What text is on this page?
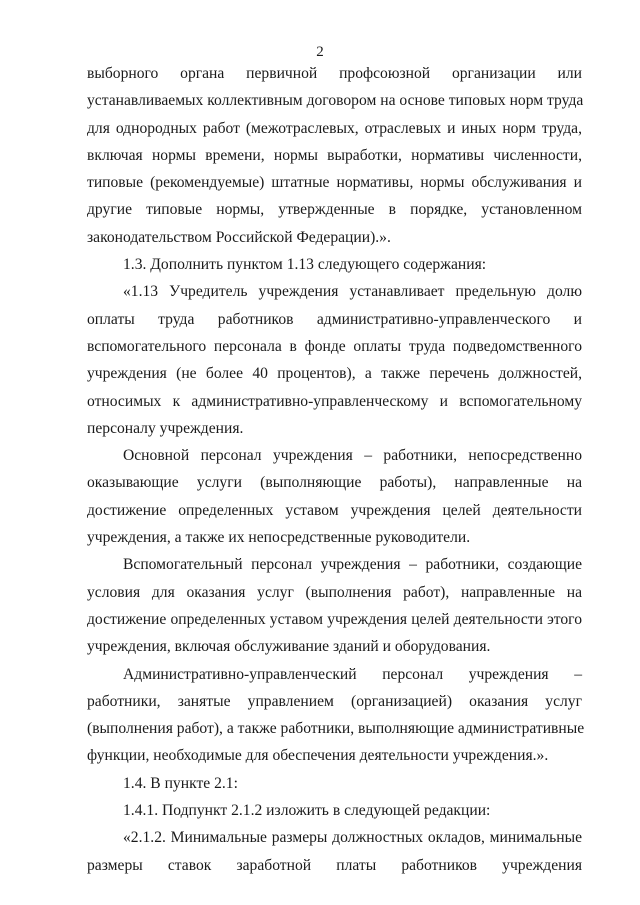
2
выборного органа первичной профсоюзной организации или
устанавливаемых коллективным договором на основе типовых норм труда
для однородных работ (межотраслевых, отраслевых и иных норм труда,
включая нормы времени, нормы выработки, нормативы численности,
типовые (рекомендуемые) штатные нормативы, нормы обслуживания и
другие типовые нормы, утвержденные в порядке, установленном
законодательством Российской Федерации).».
1.3. Дополнить пунктом 1.13 следующего содержания:
«1.13 Учредитель учреждения устанавливает предельную долю
оплаты труда работников административно-управленческого и
вспомогательного персонала в фонде оплаты труда подведомственного
учреждения (не более 40 процентов), а также перечень должностей,
относимых к административно-управленческому и вспомогательному
персоналу учреждения.
Основной персонал учреждения – работники, непосредственно
оказывающие услуги (выполняющие работы), направленные на
достижение определенных уставом учреждения целей деятельности
учреждения, а также их непосредственные руководители.
Вспомогательный персонал учреждения – работники, создающие
условия для оказания услуг (выполнения работ), направленные на
достижение определенных уставом учреждения целей деятельности этого
учреждения, включая обслуживание зданий и оборудования.
Административно-управленческий персонал учреждения –
работники, занятые управлением (организацией) оказания услуг
(выполнения работ), а также работники, выполняющие административные
функции, необходимые для обеспечения деятельности учреждения.».
1.4. В пункте 2.1:
1.4.1. Подпункт 2.1.2 изложить в следующей редакции:
«2.1.2. Минимальные размеры должностных окладов, минимальные
размеры ставок заработной платы работников учреждения
